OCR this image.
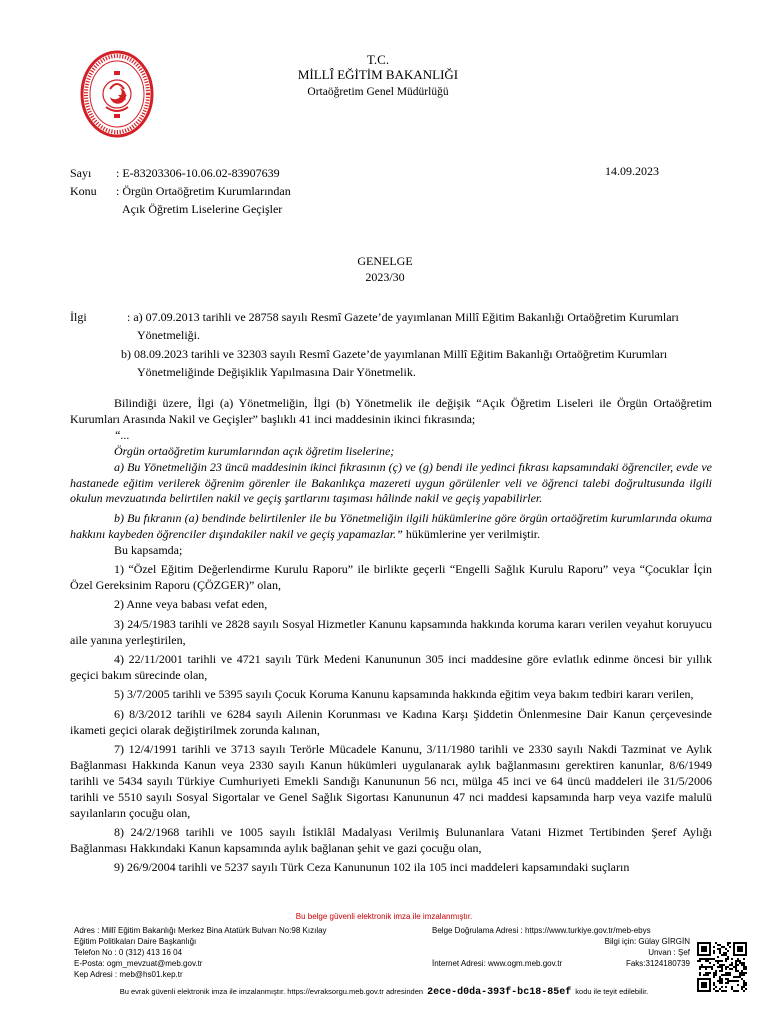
T.C.
MİLLÎ EĞİTİM BAKANLIĞI
Ortaöğretim Genel Müdürlüğü
Sayı
Konu
: E-83203306-10.06.02-83907639
: Örgün Ortaöğretim Kurumlarından
Açık Öğretim Liselerine Geçişler
14.09.2023
GENELGE
2023/30
İlgi	: a) 07.09.2013 tarihli ve 28758 sayılı Resmî Gazete’de yayımlanan Millî Eğitim Bakanlığı Ortaöğretim Kurumları Yönetmeliği.
b) 08.09.2023 tarihli ve 32303 sayılı Resmî Gazete’de yayımlanan Millî Eğitim Bakanlığı Ortaöğretim Kurumları Yönetmeliğinde Değişiklik Yapılmasına Dair Yönetmelik.

Bilindiği üzere, İlgi (a) Yönetmeliğin, İlgi (b) Yönetmelik ile değişik “Açık Öğretim Liseleri ile Örgün Ortaöğretim Kurumları Arasında Nakil ve Geçişler” başlıklı 41 inci maddesinin ikinci fıkrasında;

“...

Örgün ortaöğretim kurumlarından açık öğretim liselerine;

a) Bu Yönetmeliğin 23 üncü maddesinin ikinci fıkrasının (ç) ve (g) bendi ile yedinci fıkrası kapsamındaki öğrenciler, evde ve hastanede eğitim verilerek öğrenim görenler ile Bakanlıkça mazereti uygun görülenler veli ve öğrenci talebi doğrultusunda ilgili okulun mevzuatında belirtilen nakil ve geçiş şartlarını taşıması hâlinde nakil ve geçiş yapabilirler.

b) Bu fıkranın (a) bendinde belirtilenler ile bu Yönetmeliğin ilgili hükümlerine göre örgün ortaöğretim kurumlarında okuma hakkını kaybeden öğrenciler dışındakiler nakil ve geçiş yapamazlar.” hükümlerine yer verilmiştir.

Bu kapsamda;

1) “Özel Eğitim Değerlendirme Kurulu Raporu” ile birlikte geçerli “Engelli Sağlık Kurulu Raporu” veya “Çocuklar İçin Özel Gereksinim Raporu (ÇÖZGER)” olan,

2) Anne veya babası vefat eden,

3) 24/5/1983 tarihli ve 2828 sayılı Sosyal Hizmetler Kanunu kapsamında hakkında koruma kararı verilen veyahut koruyucu aile yanına yerleştirilen,

4) 22/11/2001 tarihli ve 4721 sayılı Türk Medeni Kanununun 305 inci maddesine göre evlatlık edinme öncesi bir yıllık geçici bakım sürecinde olan,

5) 3/7/2005 tarihli ve 5395 sayılı Çocuk Koruma Kanunu kapsamında hakkında eğitim veya bakım tedbiri kararı verilen,

6) 8/3/2012 tarihli ve 6284 sayılı Ailenin Korunması ve Kadına Karşı Şiddetin Önlenmesine Dair Kanun çerçevesinde ikameti geçici olarak değiştirilmek zorunda kalınan,

7) 12/4/1991 tarihli ve 3713 sayılı Terörle Mücadele Kanunu, 3/11/1980 tarihli ve 2330 sayılı Nakdi Tazminat ve Aylık Bağlanması Hakkında Kanun veya 2330 sayılı Kanun hükümleri uygulanarak aylık bağlanmasını gerektiren kanunlar, 8/6/1949 tarihli ve 5434 sayılı Türkiye Cumhuriyeti Emekli Sandığı Kanununun 56 ncı, mülga 45 inci ve 64 üncü maddeleri ile 31/5/2006 tarihli ve 5510 sayılı Sosyal Sigortalar ve Genel Sağlık Sigortası Kanununun 47 nci maddesi kapsamında harp veya vazife malulü sayılanların çocuğu olan,

8) 24/2/1968 tarihli ve 1005 sayılı İstiklâl Madalyası Verilmiş Bulunanlara Vatani Hizmet Tertibinden Şeref Aylığı Bağlanması Hakkındaki Kanun kapsamında aylık bağlanan şehit ve gazi çocuğu olan,

9) 26/9/2004 tarihli ve 5237 sayılı Türk Ceza Kanununun 102 ila 105 inci maddeleri kapsamındaki suçların

Bu belge güvenli elektronik imza ile imzalanmıştır.
Adres : Millî Eğitim Bakanlığı Merkez Bina Atatürk Bulvarı No:98 Kızılay
Eğitim Politikaları Daire Başkanlığı
Telefon No : 0 (312) 413 16 04
E-Posta: ogm_mevzuat@meb.gov.tr
Kep Adresi : meb@hs01.kep.tr
Belge Doğrulama Adresi : https://www.turkiye.gov.tr/meb-ebys
Bilgi için: Gülay GİRGİN
Unvan : Şef
İnternet Adresi: www.ogm.meb.gov.tr	Faks:3124180739
Bu evrak güvenli elektronik imza ile imzalanmıştır. https://evraksorgu.meb.gov.tr adresinden 2ece-d0da-393f-bc18-85ef kodu ile teyit edilebilir.
